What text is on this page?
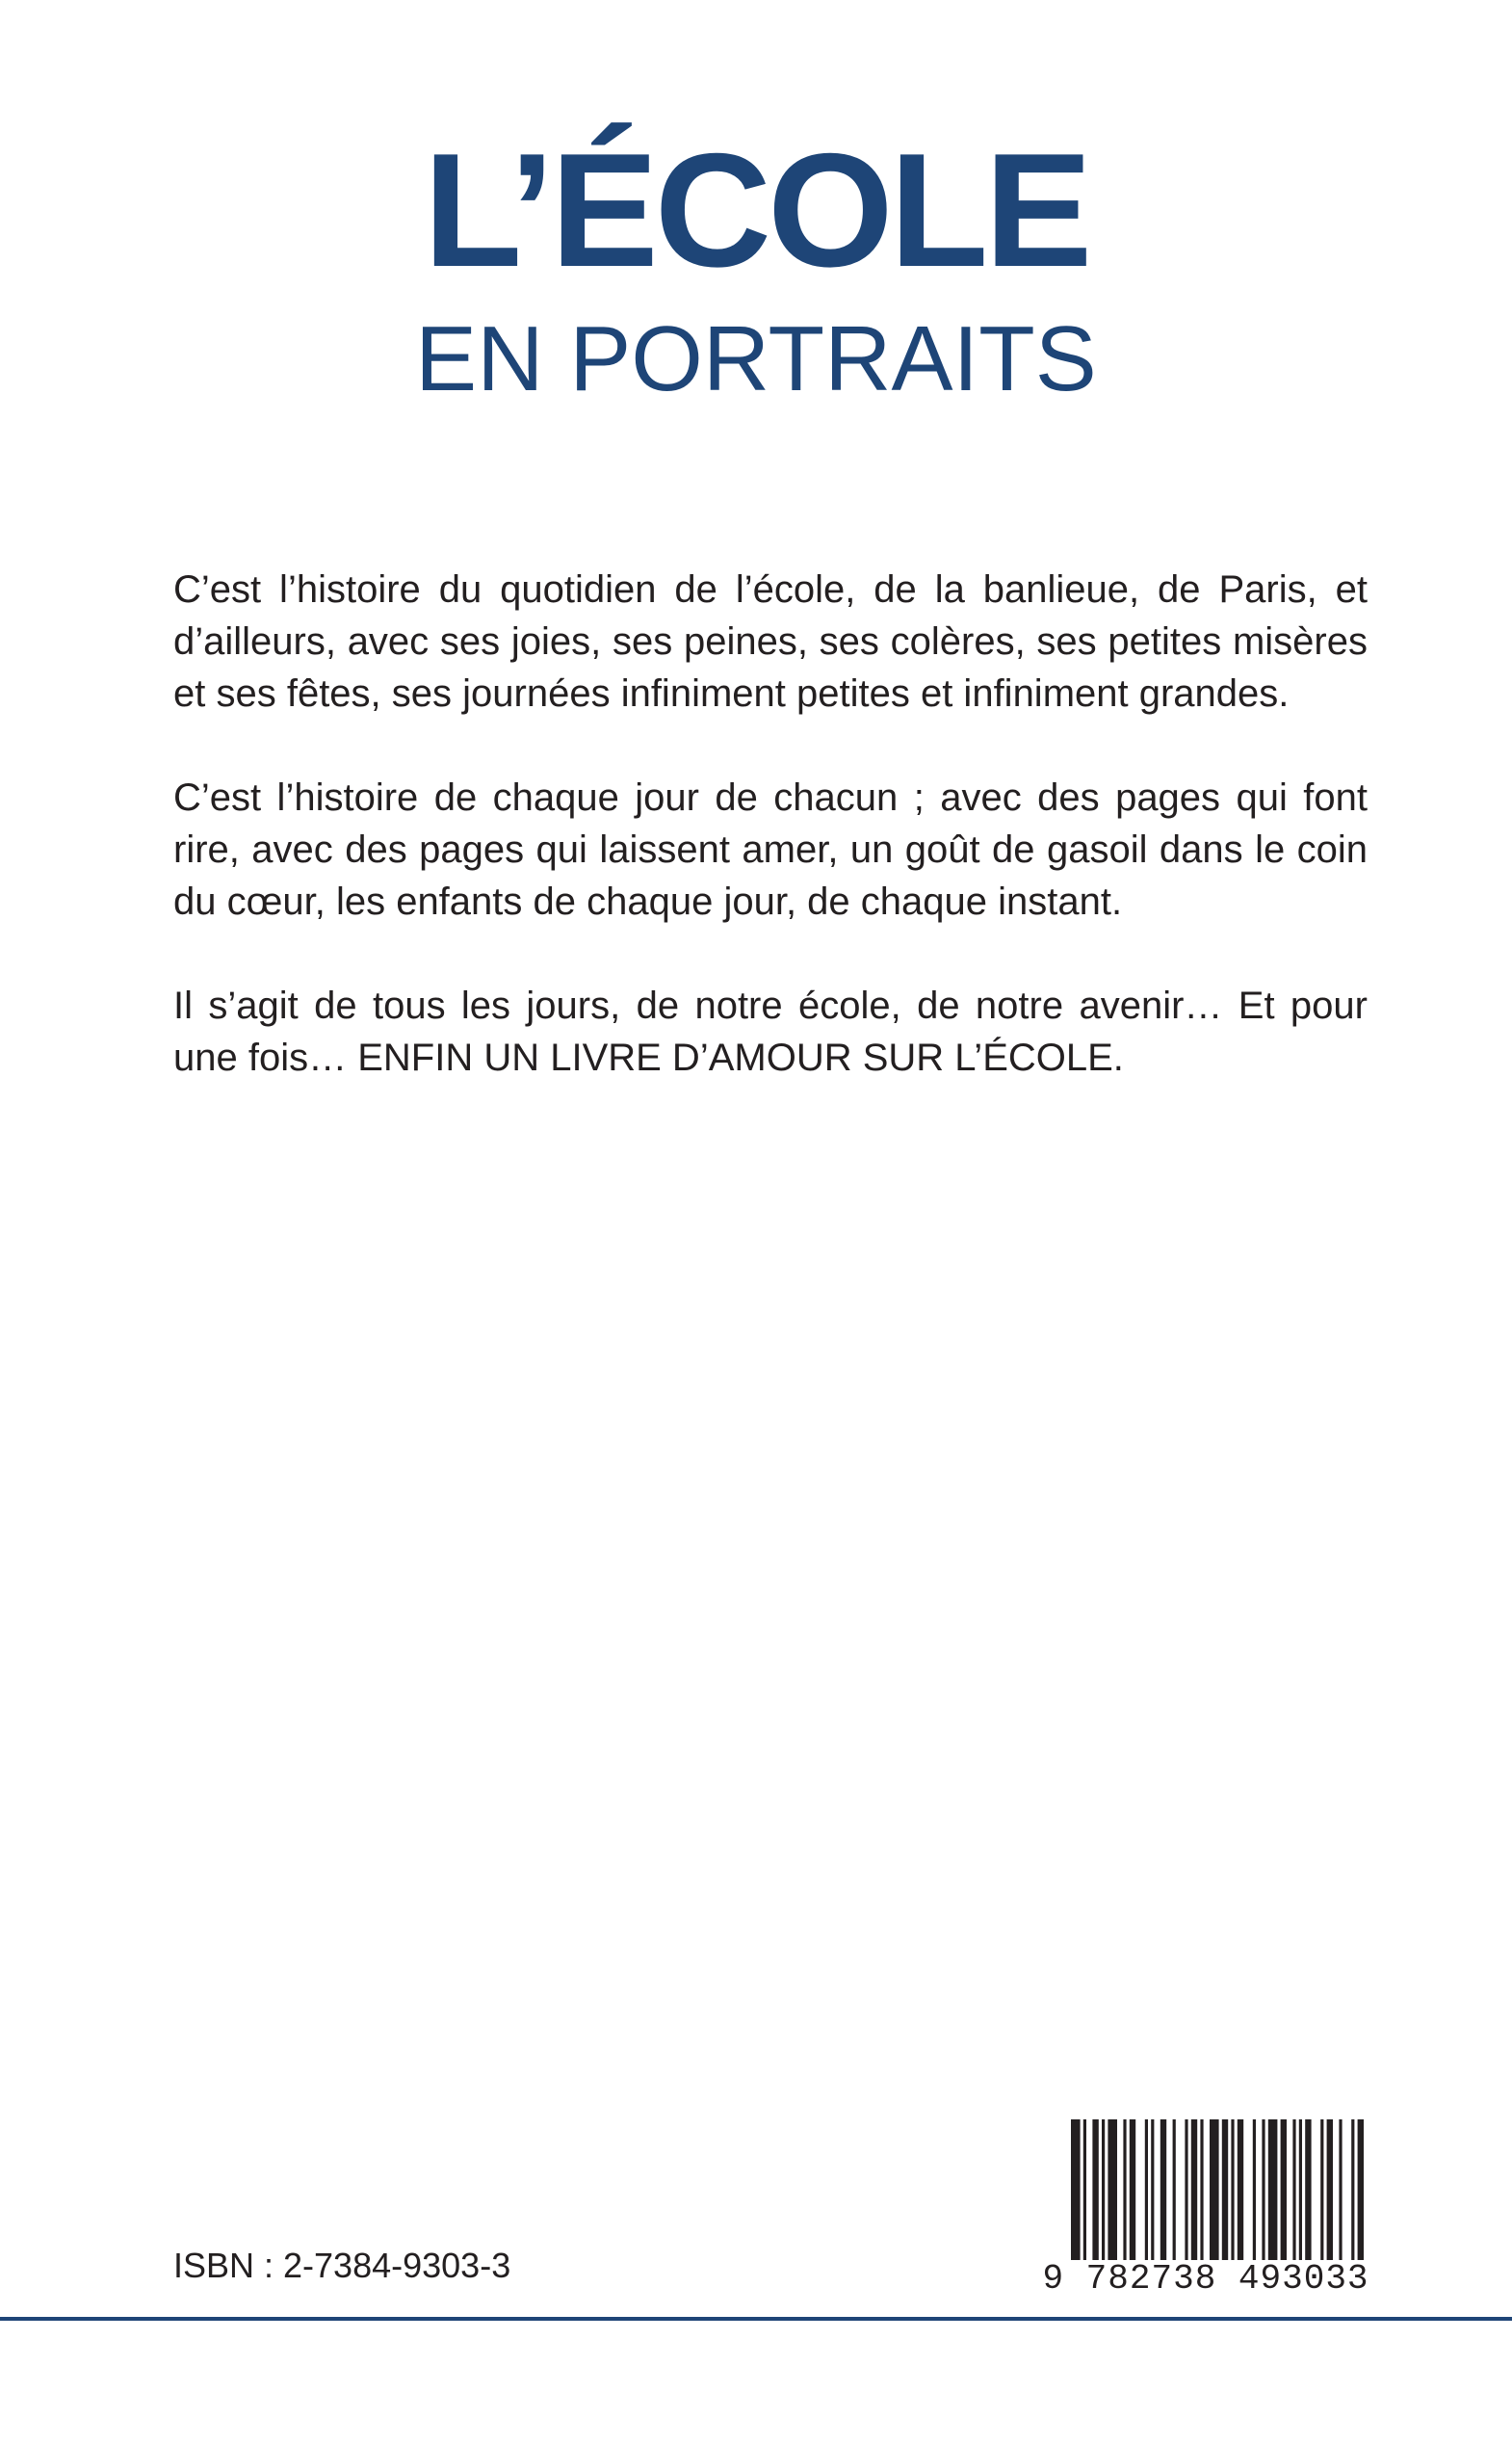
L’ÉCOLE
EN PORTRAITS

C’est l’histoire du quotidien de l’école, de la banlieue, de Paris, et d’ailleurs, avec ses joies, ses peines, ses colères, ses petites misères et ses fêtes, ses journées infiniment petites et infiniment grandes.

C’est l’histoire de chaque jour de chacun ; avec des pages qui font rire, avec des pages qui laissent amer, un goût de gasoil dans le coin du cœur, les enfants de chaque jour, de chaque instant.

Il s’agit de tous les jours, de notre école, de notre avenir… Et pour une fois… ENFIN UN LIVRE D’AMOUR SUR L’ÉCOLE.

ISBN : 2-7384-9303-3	9 782738 493033
